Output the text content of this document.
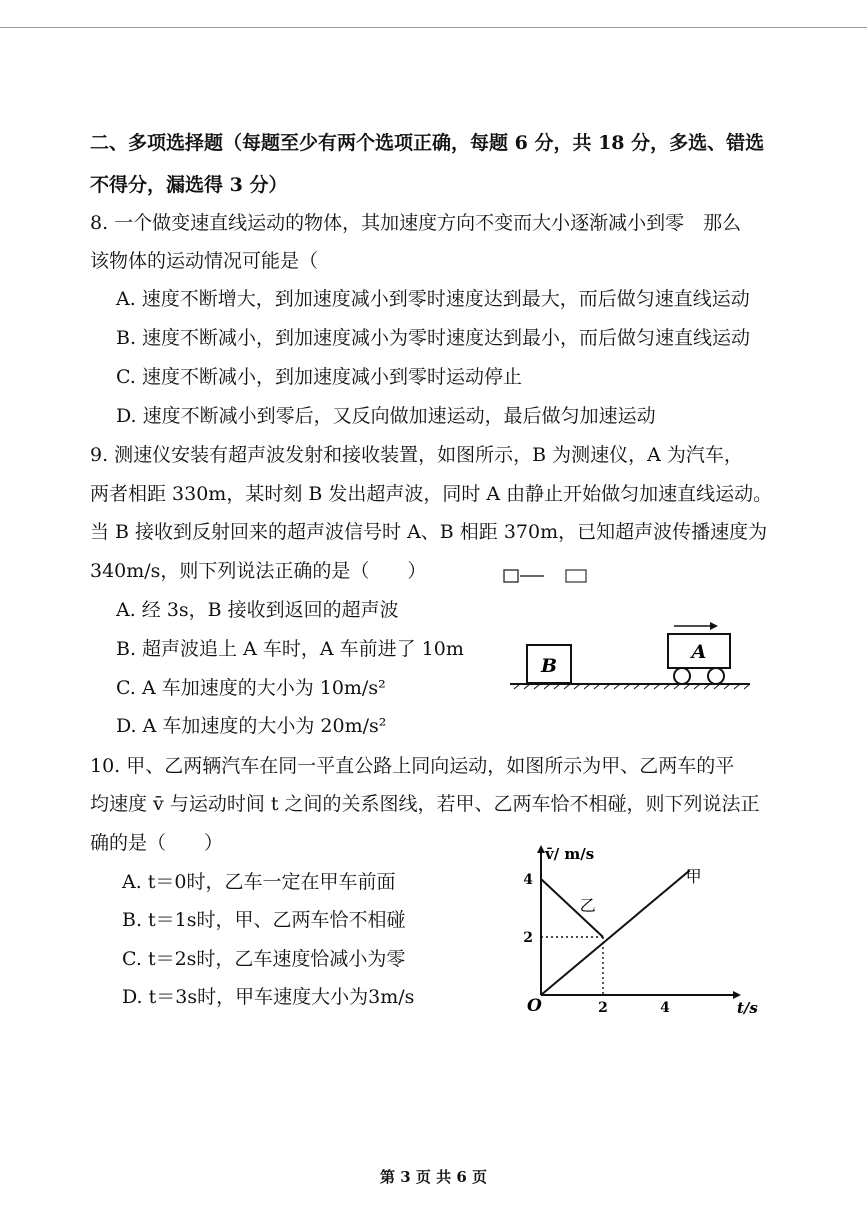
二、多项选择题（每题至少有两个选项正确，每题 6 分，共 18 分，多选、错选
不得分，漏选得 3 分）
8. 一个做变速直线运动的物体，其加速度方向不变而大小逐渐减小到零　那么
该物体的运动情况可能是（
A. 速度不断增大，到加速度减小到零时速度达到最大，而后做匀速直线运动
B. 速度不断减小，到加速度减小为零时速度达到最小，而后做匀速直线运动
C. 速度不断减小，到加速度减小到零时运动停止
D. 速度不断减小到零后，又反向做加速运动，最后做匀加速运动
9. 测速仪安装有超声波发射和接收装置，如图所示，B 为测速仪，A 为汽车，
两者相距 330m，某时刻 B 发出超声波，同时 A 由静止开始做匀加速直线运动。
当 B 接收到反射回来的超声波信号时 A、B 相距 370m，已知超声波传播速度为
340m/s，则下列说法正确的是（　　）
A. 经 3s，B 接收到返回的超声波
B. 超声波追上 A 车时，A 车前进了 10m
C. A 车加速度的大小为 10m/s²
D. A 车加速度的大小为 20m/s²
B
A
10. 甲、乙两辆汽车在同一平直公路上同向运动，如图所示为甲、乙两车的平
均速度 v̄ 与运动时间 t 之间的关系图线，若甲、乙两车恰不相碰，则下列说法正
确的是（　　）
A. t＝0时，乙车一定在甲车前面
B. t＝1s时，甲、乙两车恰不相碰
C. t＝2s时，乙车速度恰减小为零
D. t＝3s时，甲车速度大小为3m/s
v̄/ m/s
t/s
O	2	4
2
4	甲
乙
第 3 页 共 6 页
